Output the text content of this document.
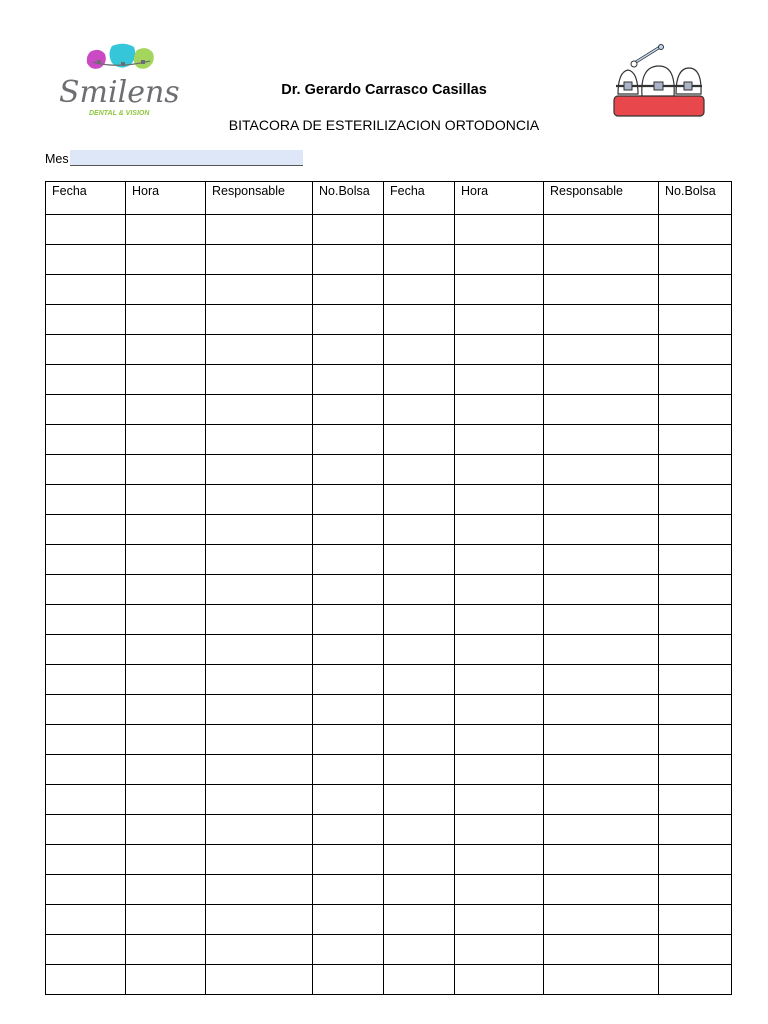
Smilens
DENTAL & VISION
Dr. Gerardo Carrasco Casillas
BITACORA DE ESTERILIZACION ORTODONCIA
Mes
Fecha	Hora	Responsable	No.Bolsa	Fecha	Hora	Responsable	No.Bolsa
